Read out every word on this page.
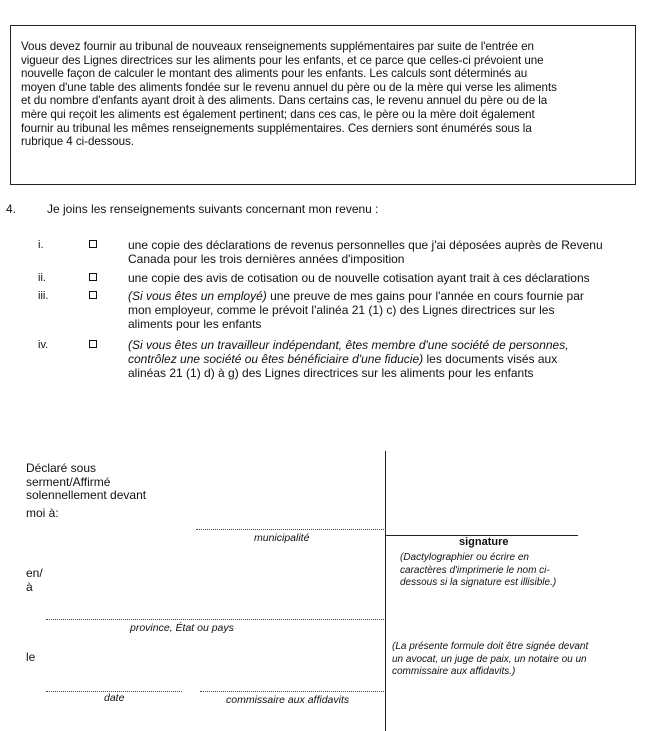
Vous devez fournir au tribunal de nouveaux renseignements supplémentaires par suite de l'entrée en

vigueur des Lignes directrices sur les aliments pour les enfants, et ce parce que celles-ci prévoient une

nouvelle façon de calculer le montant des aliments pour les enfants. Les calculs sont déterminés au

moyen d'une table des aliments fondée sur le revenu annuel du père ou de la mère qui verse les aliments

et du nombre d'enfants ayant droit à des aliments. Dans certains cas, le revenu annuel du père ou de la

mère qui reçoit les aliments est également pertinent; dans ces cas, le père ou la mère doit également

fournir au tribunal les mêmes renseignements supplémentaires. Ces derniers sont énumérés sous la

rubrique 4 ci-dessous.

4.	Je joins les renseignements suivants concernant mon revenu :
i.	une copie des déclarations de revenus personnelles que j'ai déposées auprès de Revenu
Canada pour les trois dernières années d'imposition
ii.	une copie des avis de cotisation ou de nouvelle cotisation ayant trait à ces déclarations
iii.	(Si vous êtes un employé) une preuve de mes gains pour l'année en cours fournie par
mon employeur, comme le prévoit l'alinéa 21 (1) c) des Lignes directrices sur les
aliments pour les enfants
iv.	(Si vous êtes un travailleur indépendant, êtes membre d'une société de personnes,
contrôlez une société ou êtes bénéficiaire d'une fiducie) les documents visés aux
alinéas 21 (1) d) à g) des Lignes directrices sur les aliments pour les enfants
signature
(Dactylographier ou écrire en caractères d'imprimerie le nom ci-dessous si la signature est illisible.)
(La présente formule doit être signée devant un avocat, un juge de paix, un notaire ou un commissaire aux affidavits.)
Déclaré sous
serment/Affirmé
solennellement devant
moi à:
municipalité
en/
à
province, État ou pays
le
date	commissaire aux affidavits
